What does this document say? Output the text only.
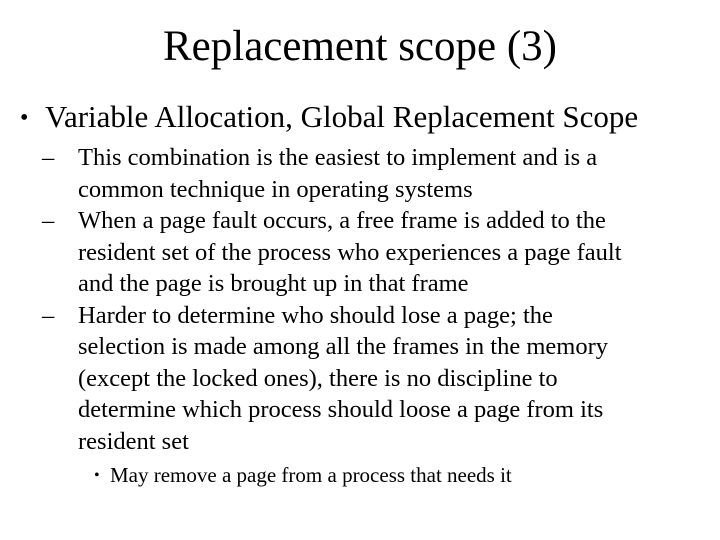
Replacement scope (3)
• Variable Allocation, Global Replacement Scope
– This combination is the easiest to implement and is a
common technique in operating systems
– When a page fault occurs, a free frame is added to the
resident set of the process who experiences a page fault
and the page is brought up in that frame
– Harder to determine who should lose a page; the
selection is made among all the frames in the memory
(except the locked ones), there is no discipline to
determine which process should loose a page from its
resident set
• May remove a page from a process that needs it
